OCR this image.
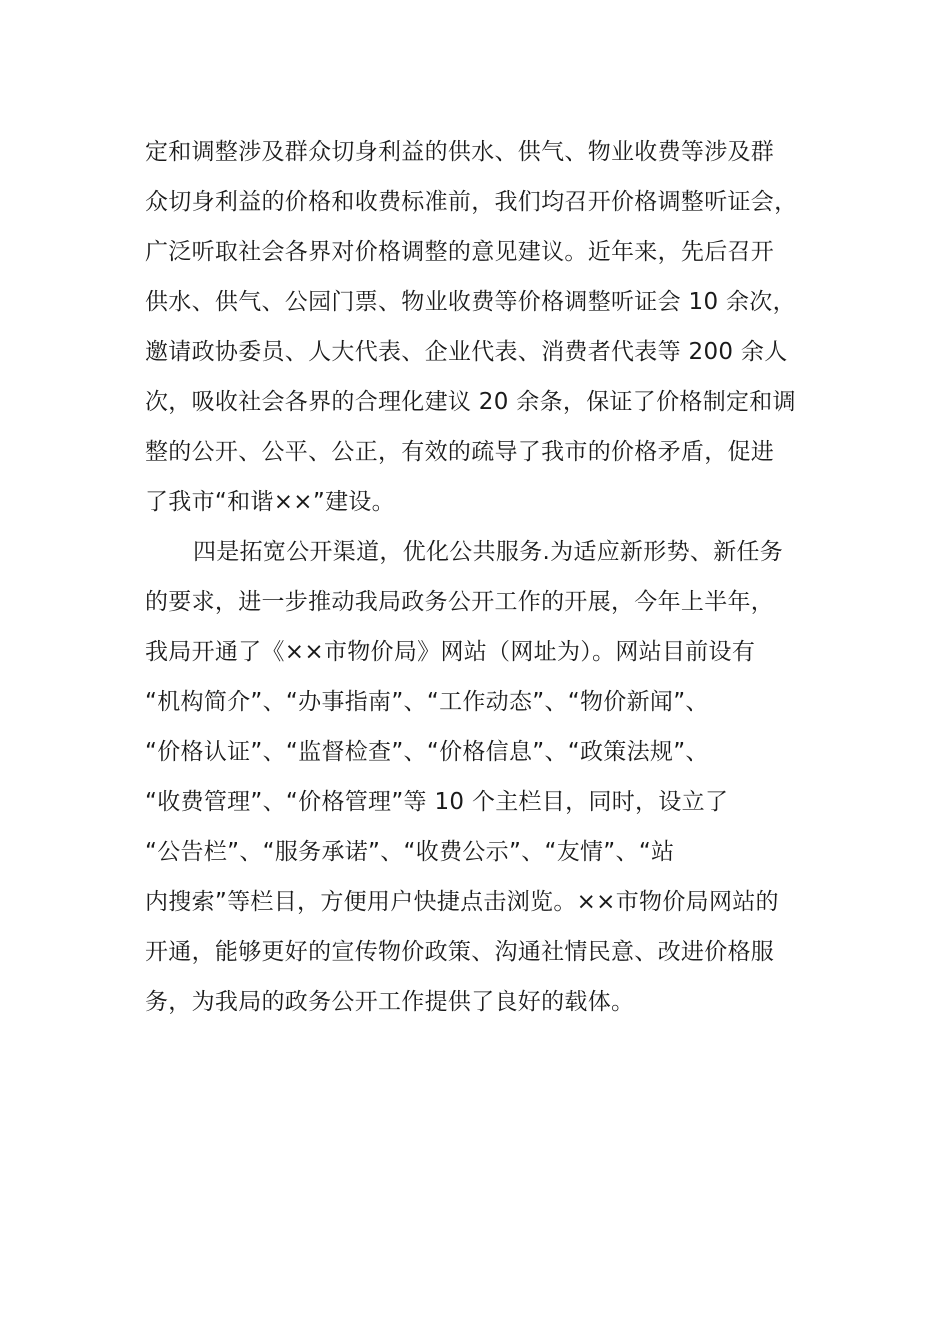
定和调整涉及群众切身利益的供水、供气、物业收费等涉及群
众切身利益的价格和收费标准前，我们均召开价格调整听证会，
广泛听取社会各界对价格调整的意见建议。近年来，先后召开
供水、供气、公园门票、物业收费等价格调整听证会 10 余次，
邀请政协委员、人大代表、企业代表、消费者代表等 200 余人
次，吸收社会各界的合理化建议 20 余条，保证了价格制定和调
整的公开、公平、公正，有效的疏导了我市的价格矛盾，促进
了我市“和谐××”建设。
四是拓宽公开渠道，优化公共服务.为适应新形势、新任务
的要求，进一步推动我局政务公开工作的开展，今年上半年，
我局开通了《××市物价局》网站（网址为）。网站目前设有
“机构简介”、“办事指南”、“工作动态”、“物价新闻”、
“价格认证”、“监督检查”、“价格信息”、“政策法规”、
“收费管理”、“价格管理”等 10 个主栏目，同时，设立了
“公告栏”、“服务承诺”、“收费公示”、“友情”、“站
内搜索”等栏目，方便用户快捷点击浏览。××市物价局网站的
开通，能够更好的宣传物价政策、沟通社情民意、改进价格服
务，为我局的政务公开工作提供了良好的载体。
